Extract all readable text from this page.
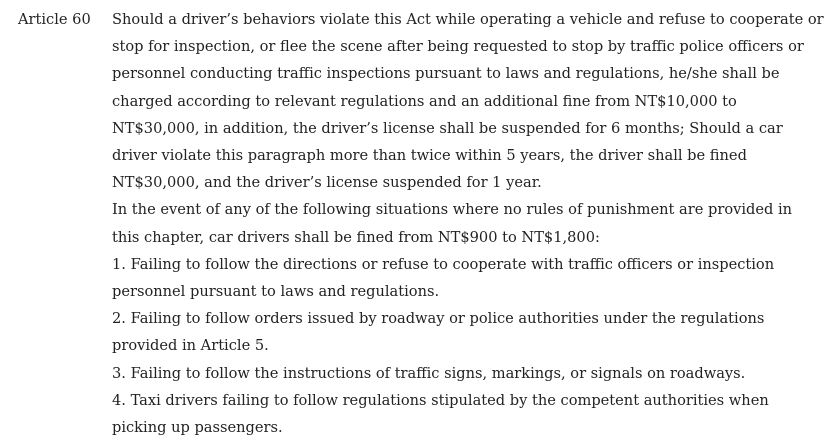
Article 60	Should a driver’s behaviors violate this Act while operating a vehicle and refuse to cooperate or stop for inspection, or flee the scene after being requested to stop by traffic police officers or personnel conducting traffic inspections pursuant to laws and regulations, he/she shall be charged according to relevant regulations and an additional fine from NT$10,000 to NT$30,000, in addition, the driver’s license shall be suspended for 6 months; Should a car driver violate this paragraph more than twice within 5 years, the driver shall be fined NT$30,000, and the driver’s license suspended for 1 year.

In the event of any of the following situations where no rules of punishment are provided in this chapter, car drivers shall be fined from NT$900 to NT$1,800:

1. Failing to follow the directions or refuse to cooperate with traffic officers or inspection personnel pursuant to laws and regulations.

2. Failing to follow orders issued by roadway or police authorities under the regulations provided in Article 5.

3. Failing to follow the instructions of traffic signs, markings, or signals on roadways.

4. Taxi drivers failing to follow regulations stipulated by the competent authorities when picking up passengers.
